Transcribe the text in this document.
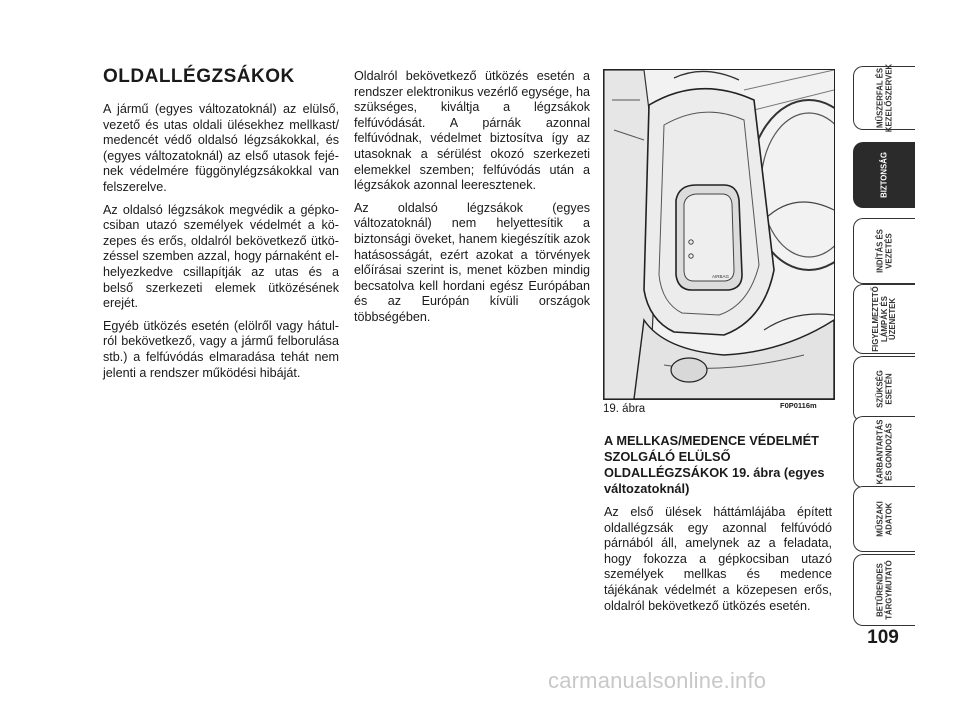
OLDALLÉGZSÁKOK

A jármű (egyes változatoknál) az elülső, vezető és utas oldali ülésekhez mellkast/ medencét védő oldalsó légzsákokkal, és (egyes változatoknál) az első utasok fejének védelmére függönylégzsákokkal van felszerelve.

Az oldalsó légzsákok megvédik a gépkocsiban utazó személyek védelmét a közepes és erős, oldalról bekövetkező ütközéssel szemben azzal, hogy párnaként elhelyezkedve csillapítják az utas és a belső szerkezeti elemek ütközésének erejét.

Egyéb ütközés esetén (elölről vagy hátulról bekövetkező, vagy a jármű felborulása stb.) a felfúvódás elmaradása tehát nem jelenti a rendszer működési hibáját.

Oldalról bekövetkező ütközés esetén a rendszer elektronikus vezérlő egysége, ha szükséges, kiváltja a légzsákok felfúvódását. A párnák azonnal felfúvódnak, védelmet biztosítva így az utasoknak a sérülést okozó szerkezeti elemekkel szemben; felfúvódás után a légzsákok azonnal leeresztenek.

Az oldalsó légzsákok (egyes változatoknál) nem helyettesítik a biztonsági öveket, hanem kiegészítik azok hatásosságát, ezért azokat a törvények előírásai szerint is, menet közben mindig becsatolva kell hordani egész Európában és az Európán kívüli országok többségében.

AIRBAG
19. ábra	F0P0116m
A MELLKAS/MEDENCE VÉDELMÉT SZOLGÁLÓ ELÜLSŐ OLDALLÉGZSÁKOK 19. ábra (egyes változatoknál)

Az első ülések háttámlájába épített oldallégzsák egy azonnal felfúvódó párnából áll, amelynek az a feladata, hogy fokozza a gépkocsiban utazó személyek mellkas és medence tájékának védelmét a közepesen erős, oldalról bekövetkező ütközés esetén.

MŰSZERFAL ÉS
KEZELŐSZERVEK
BIZTONSÁG
INDÍTÁS ÉS
VEZETÉS
FIGYELMEZTETŐ
LÁMPÁK ÉS
ÜZENETEK
SZÜKSÉG
ESETÉN
KARBANTARTÁS
ÉS GONDOZÁS
MŰSZAKI
ADATOK
BETŰRENDES
TÁRGYMUTATÓ
109
carmanualsonline.info
